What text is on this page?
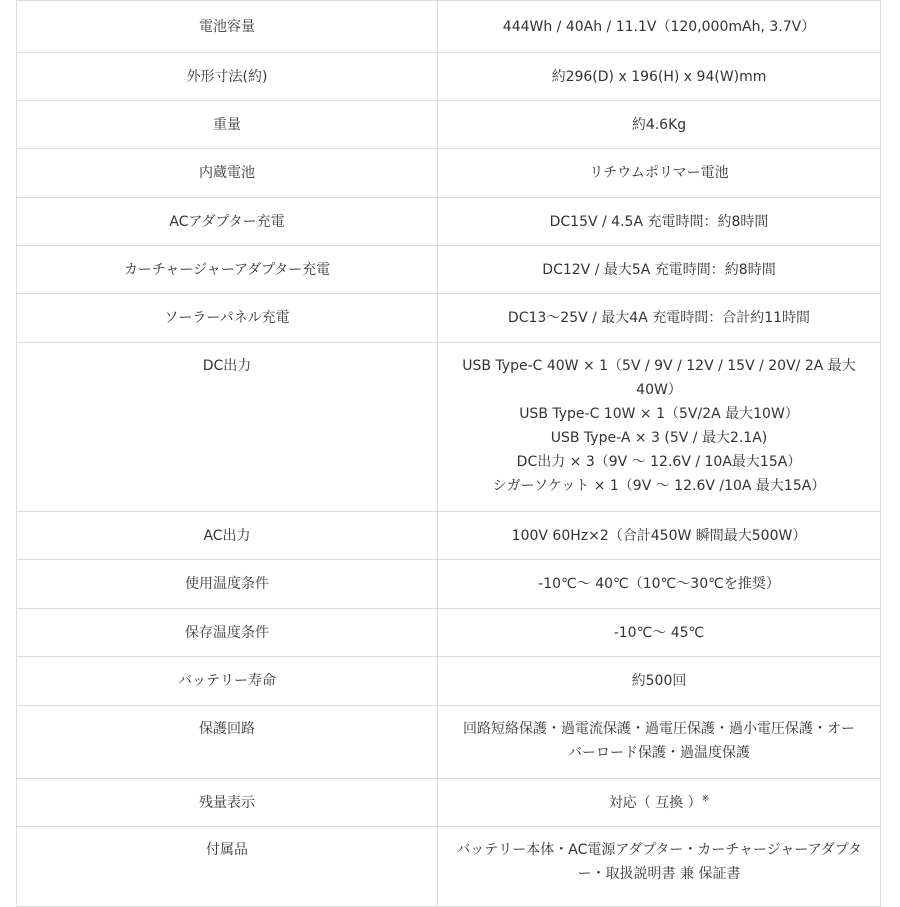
電池容量	444Wh / 40Ah / 11.1V（120,000mAh, 3.7V）

外形寸法(約)	約296(D) x 196(H) x 94(W)mm

重量	約4.6Kg

内蔵電池	リチウムポリマー電池

ACアダプター充電	DC15V / 4.5A 充電時間：約8時間

カーチャージャーアダプター充電	DC12V / 最大5A 充電時間：約8時間

ソーラーパネル充電	DC13～25V / 最大4A 充電時間：合計約11時間

DC出力	USB Type-C 40W × 1（5V / 9V / 12V / 15V / 20V/ 2A 最大40W）
USB Type-C 10W × 1（5V/2A 最大10W）
USB Type-A × 3 (5V / 最大2.1A)
DC出力 × 3（9V ～ 12.6V / 10A最大15A）
シガーソケット × 1（9V ～ 12.6V /10A 最大15A）

AC出力	100V 60Hz×2（合計450W 瞬間最大500W）

使用温度条件	-10℃～ 40℃（10℃～30℃を推奨）

保存温度条件	-10℃～ 45℃

バッテリー寿命	約500回

保護回路	回路短絡保護・過電流保護・過電圧保護・過小電圧保護・オーバーロード保護・過温度保護

残量表示	対応（ 互換 ）※
付属品	バッテリー本体・AC電源アダプター・カーチャージャーアダプター・取扱説明書 兼 保証書
